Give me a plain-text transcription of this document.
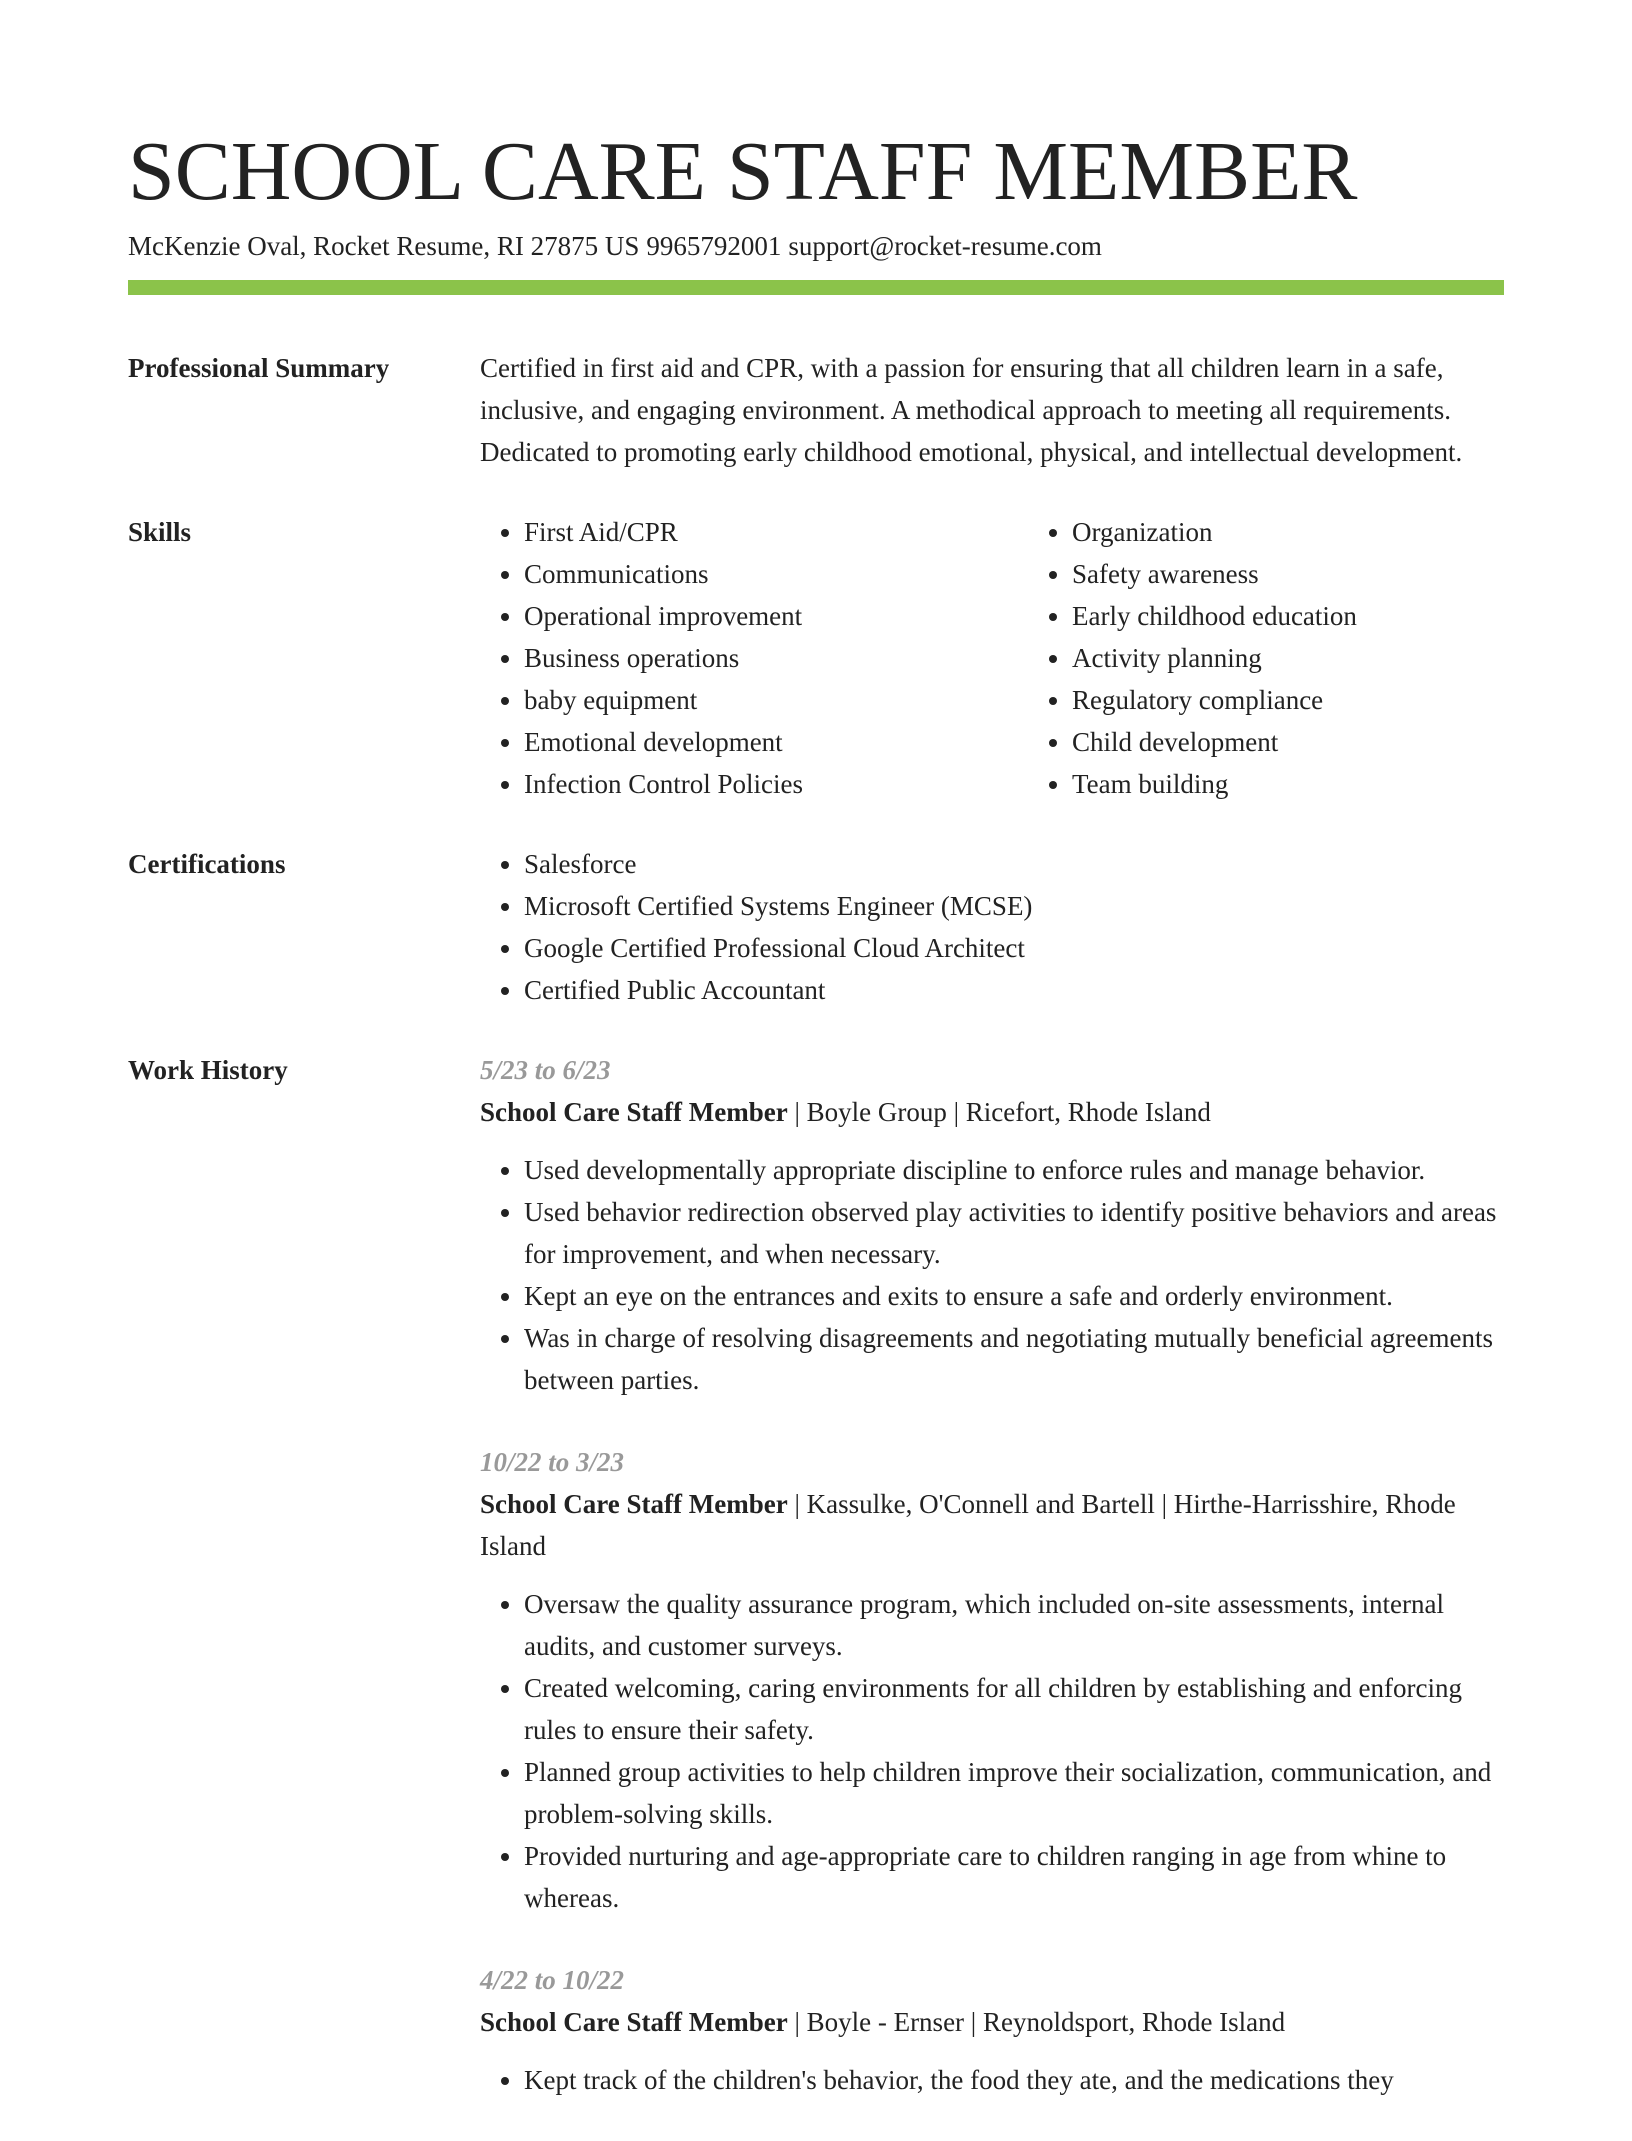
SCHOOL CARE STAFF MEMBER
McKenzie Oval, Rocket Resume, RI 27875 US 9965792001 support@rocket-resume.com
Professional Summary	Certified in first aid and CPR, with a passion for ensuring that all children learn in a safe, inclusive, and engaging environment. A methodical approach to meeting all requirements. Dedicated to promoting early childhood emotional, physical, and intellectual development.

Skills	• First Aid/CPR
• Communications
• Operational improvement
• Business operations
• baby equipment
• Emotional development
• Infection Control Policies
• Organization
• Safety awareness
• Early childhood education
• Activity planning
• Regulatory compliance
• Child development
• Team building
Certifications	• Salesforce
• Microsoft Certified Systems Engineer (MCSE)
• Google Certified Professional Cloud Architect
• Certified Public Accountant
Work History	5/23 to 6/23
School Care Staff Member | Boyle Group | Ricefort, Rhode Island
• Used developmentally appropriate discipline to enforce rules and manage behavior.
• Used behavior redirection observed play activities to identify positive behaviors and areas for improvement, and when necessary.
• Kept an eye on the entrances and exits to ensure a safe and orderly environment.
• Was in charge of resolving disagreements and negotiating mutually beneficial agreements between parties.
10/22 to 3/23
School Care Staff Member | Kassulke, O'Connell and Bartell | Hirthe-Harrisshire, Rhode Island
• Oversaw the quality assurance program, which included on-site assessments, internal audits, and customer surveys.
• Created welcoming, caring environments for all children by establishing and enforcing rules to ensure their safety.
• Planned group activities to help children improve their socialization, communication, and problem-solving skills.
• Provided nurturing and age-appropriate care to children ranging in age from whine to whereas.
4/22 to 10/22
School Care Staff Member | Boyle - Ernser | Reynoldsport, Rhode Island
• Kept track of the children's behavior, the food they ate, and the medications they
